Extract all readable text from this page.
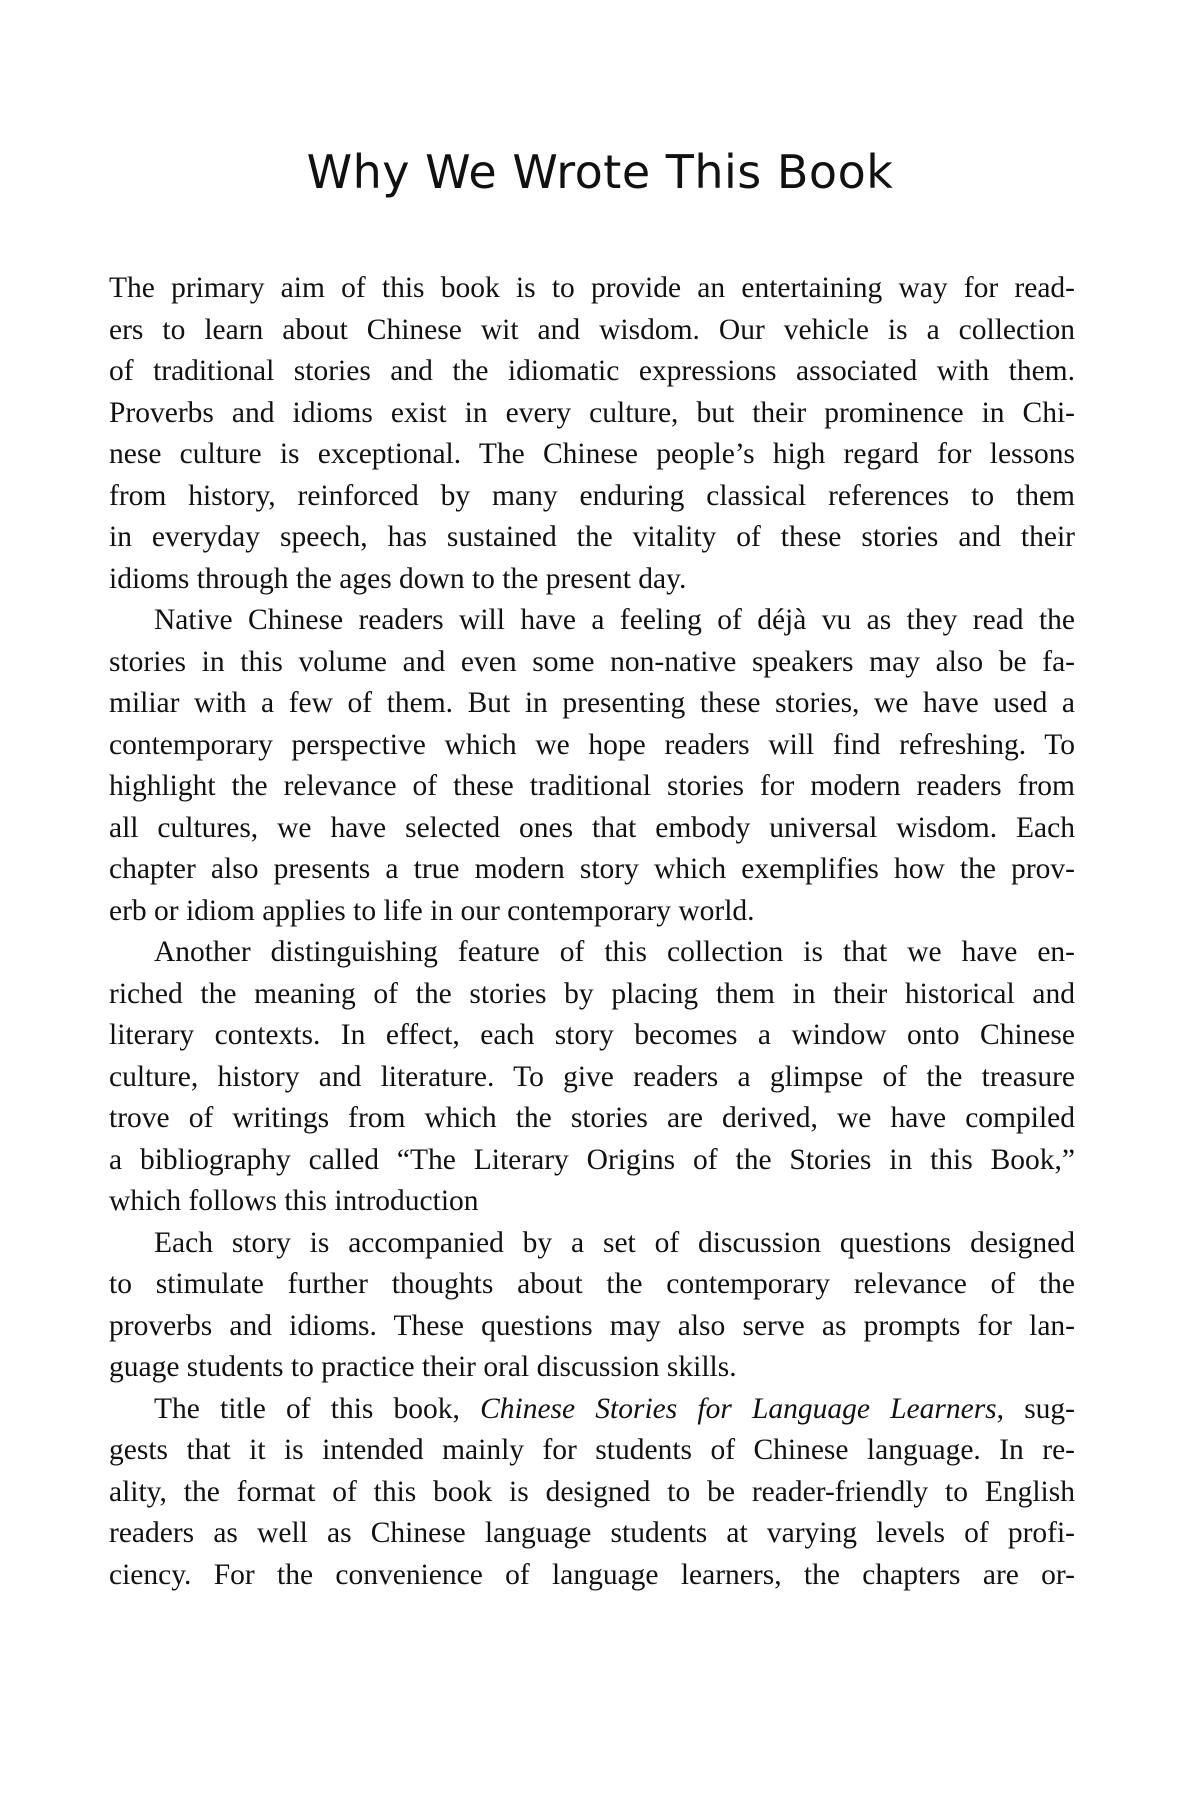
Why We Wrote This Book
The primary aim of this book is to provide an entertaining way for read-
ers to learn about Chinese wit and wisdom. Our vehicle is a collection
of traditional stories and the idiomatic expressions associated with them.
Proverbs and idioms exist in every culture, but their prominence in Chi-
nese culture is exceptional. The Chinese people’s high regard for lessons
from history, reinforced by many enduring classical references to them
in everyday speech, has sustained the vitality of these stories and their
idioms through the ages down to the present day.
Native Chinese readers will have a feeling of déjà vu as they read the
stories in this volume and even some non-native speakers may also be fa-
miliar with a few of them. But in presenting these stories, we have used a
contemporary perspective which we hope readers will find refreshing. To
highlight the relevance of these traditional stories for modern readers from
all cultures, we have selected ones that embody universal wisdom. Each
chapter also presents a true modern story which exemplifies how the prov-
erb or idiom applies to life in our contemporary world.
Another distinguishing feature of this collection is that we have en-
riched the meaning of the stories by placing them in their historical and
literary contexts. In effect, each story becomes a window onto Chinese
culture, history and literature. To give readers a glimpse of the treasure
trove of writings from which the stories are derived, we have compiled
a bibliography called “The Literary Origins of the Stories in this Book,”
which follows this introduction
Each story is accompanied by a set of discussion questions designed
to stimulate further thoughts about the contemporary relevance of the
proverbs and idioms. These questions may also serve as prompts for lan-
guage students to practice their oral discussion skills.
The title of this book, Chinese Stories for Language Learners, sug-
gests that it is intended mainly for students of Chinese language. In re-
ality, the format of this book is designed to be reader-friendly to English
readers as well as Chinese language students at varying levels of profi-
ciency. For the convenience of language learners, the chapters are or-
